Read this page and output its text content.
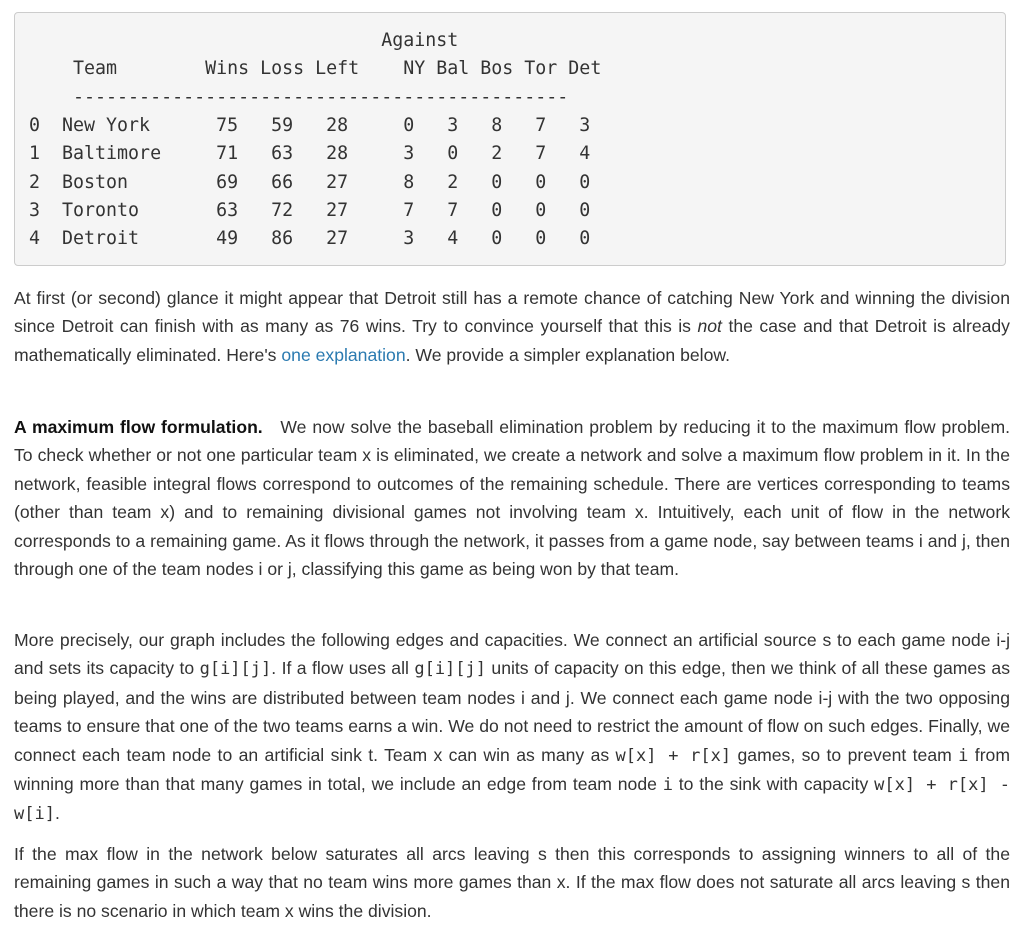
Against

Team        Wins Loss Left    NY Bal Bos Tor Det

---------------------------------------------

0  New York      75   59   28     0   3   8   7   3

1  Baltimore     71   63   28     3   0   2   7   4

2  Boston        69   66   27     8   2   0   0   0

3  Toronto       63   72   27     7   7   0   0   0

4  Detroit       49   86   27     3   4   0   0   0

At first (or second) glance it might appear that Detroit still has a remote chance of catching New York and winning the division since Detroit can finish with as many as 76 wins. Try to convince yourself that this is not the case and that Detroit is already mathematically eliminated. Here's one explanation. We provide a simpler explanation below.

A maximum flow formulation. We now solve the baseball elimination problem by reducing it to the maximum flow problem. To check whether or not one particular team x is eliminated, we create a network and solve a maximum flow problem in it. In the network, feasible integral flows correspond to outcomes of the remaining schedule. There are vertices corresponding to teams (other than team x) and to remaining divisional games not involving team x. Intuitively, each unit of flow in the network corresponds to a remaining game. As it flows through the network, it passes from a game node, say between teams i and j, then through one of the team nodes i or j, classifying this game as being won by that team.

More precisely, our graph includes the following edges and capacities. We connect an artificial source s to each game node i-j and sets its capacity to g[i][j]. If a flow uses all g[i][j] units of capacity on this edge, then we think of all these games as being played, and the wins are distributed between team nodes i and j. We connect each game node i-j with the two opposing teams to ensure that one of the two teams earns a win. We do not need to restrict the amount of flow on such edges. Finally, we connect each team node to an artificial sink t. Team x can win as many as w[x] + r[x] games, so to prevent team i from winning more than that many games in total, we include an edge from team node i to the sink with capacity w[x] + r[x] - w[i].

If the max flow in the network below saturates all arcs leaving s then this corresponds to assigning winners to all of the remaining games in such a way that no team wins more games than x. If the max flow does not saturate all arcs leaving s then there is no scenario in which team x wins the division.
